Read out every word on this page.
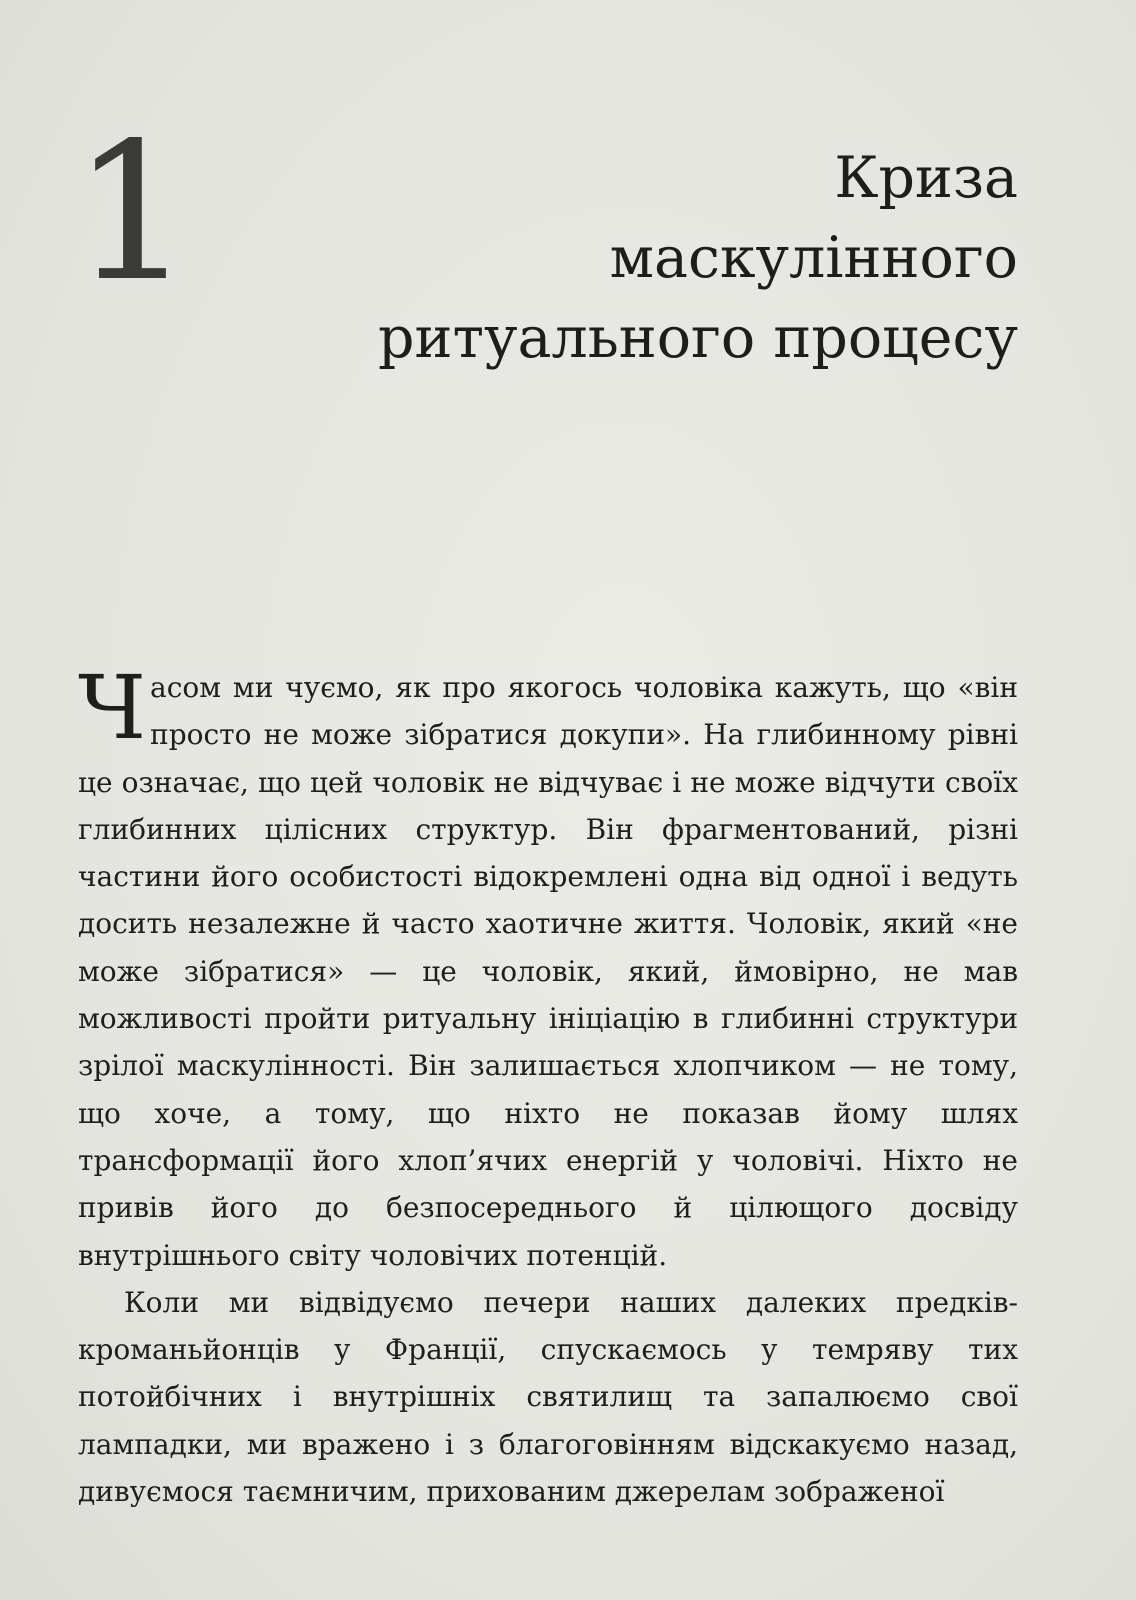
1	Криза
маскулінного
ритуального процесу

Часом ми чуємо, як про якогось чоловіка кажуть, що «він просто не може зібратися докупи». На глибинному рівні це означає, що цей чоловік не відчуває і не може відчути своїх глибинних цілісних структур. Він фрагментований, різні частини його особистості відокремлені одна від одної і ведуть досить незалежне й часто хаотичне життя. Чоловік, який «не може зібратися» — це чоловік, який, ймовірно, не мав можливості пройти ритуальну ініціацію в глибинні структури зрілої маскулінності. Він залишається хлопчиком — не тому, що хоче, а тому, що ніхто не показав йому шлях трансформації його хлоп’ячих енергій у чоловічі. Ніхто не привів його до безпосереднього й цілющого досвіду внутрішнього світу чоловічих потенцій.

Коли ми відвідуємо печери наших далеких предків-кроманьйонців у Франції, спускаємось у темряву тих потойбічних і внутрішніх святилищ та запалюємо свої лампадки, ми вражено і з благоговінням відскакуємо назад, дивуємося таємничим, прихованим джерелам зображеної
